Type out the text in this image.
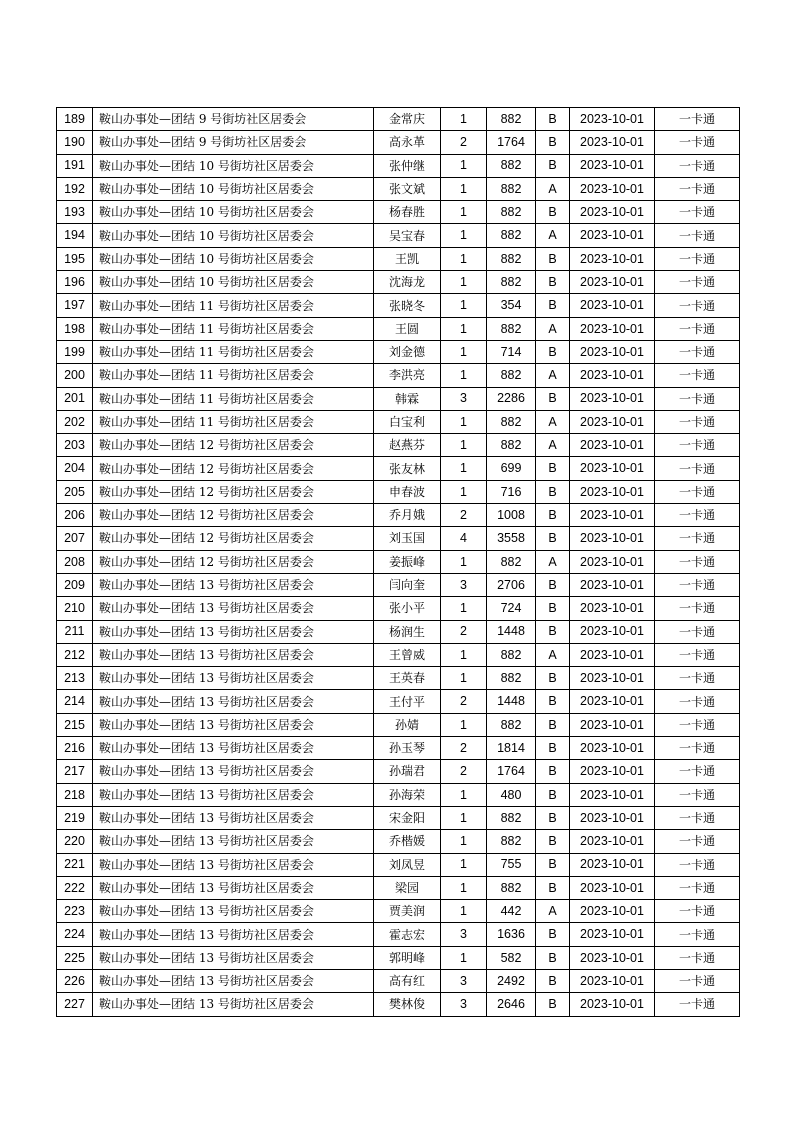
189	鞍山办事处—团结 9 号街坊社区居委会	金常庆	1	882	B	2023-10-01	一卡通
190	鞍山办事处—团结 9 号街坊社区居委会	高永革	2	1764	B	2023-10-01	一卡通
191	鞍山办事处—团结 10 号街坊社区居委会	张仲继	1	882	B	2023-10-01	一卡通
192	鞍山办事处—团结 10 号街坊社区居委会	张文斌	1	882	A	2023-10-01	一卡通
193	鞍山办事处—团结 10 号街坊社区居委会	杨春胜	1	882	B	2023-10-01	一卡通
194	鞍山办事处—团结 10 号街坊社区居委会	吴宝春	1	882	A	2023-10-01	一卡通
195	鞍山办事处—团结 10 号街坊社区居委会	王凯	1	882	B	2023-10-01	一卡通
196	鞍山办事处—团结 10 号街坊社区居委会	沈海龙	1	882	B	2023-10-01	一卡通
197	鞍山办事处—团结 11 号街坊社区居委会	张晓冬	1	354	B	2023-10-01	一卡通
198	鞍山办事处—团结 11 号街坊社区居委会	王圆	1	882	A	2023-10-01	一卡通
199	鞍山办事处—团结 11 号街坊社区居委会	刘金德	1	714	B	2023-10-01	一卡通
200	鞍山办事处—团结 11 号街坊社区居委会	李洪亮	1	882	A	2023-10-01	一卡通
201	鞍山办事处—团结 11 号街坊社区居委会	韩霖	3	2286	B	2023-10-01	一卡通
202	鞍山办事处—团结 11 号街坊社区居委会	白宝利	1	882	A	2023-10-01	一卡通
203	鞍山办事处—团结 12 号街坊社区居委会	赵燕芬	1	882	A	2023-10-01	一卡通
204	鞍山办事处—团结 12 号街坊社区居委会	张友林	1	699	B	2023-10-01	一卡通
205	鞍山办事处—团结 12 号街坊社区居委会	申春波	1	716	B	2023-10-01	一卡通
206	鞍山办事处—团结 12 号街坊社区居委会	乔月娥	2	1008	B	2023-10-01	一卡通
207	鞍山办事处—团结 12 号街坊社区居委会	刘玉国	4	3558	B	2023-10-01	一卡通
208	鞍山办事处—团结 12 号街坊社区居委会	姜振峰	1	882	A	2023-10-01	一卡通
209	鞍山办事处—团结 13 号街坊社区居委会	闫向奎	3	2706	B	2023-10-01	一卡通
210	鞍山办事处—团结 13 号街坊社区居委会	张小平	1	724	B	2023-10-01	一卡通
211	鞍山办事处—团结 13 号街坊社区居委会	杨润生	2	1448	B	2023-10-01	一卡通
212	鞍山办事处—团结 13 号街坊社区居委会	王曾威	1	882	A	2023-10-01	一卡通
213	鞍山办事处—团结 13 号街坊社区居委会	王英春	1	882	B	2023-10-01	一卡通
214	鞍山办事处—团结 13 号街坊社区居委会	王付平	2	1448	B	2023-10-01	一卡通
215	鞍山办事处—团结 13 号街坊社区居委会	孙婧	1	882	B	2023-10-01	一卡通
216	鞍山办事处—团结 13 号街坊社区居委会	孙玉琴	2	1814	B	2023-10-01	一卡通
217	鞍山办事处—团结 13 号街坊社区居委会	孙瑞君	2	1764	B	2023-10-01	一卡通
218	鞍山办事处—团结 13 号街坊社区居委会	孙海荣	1	480	B	2023-10-01	一卡通
219	鞍山办事处—团结 13 号街坊社区居委会	宋金阳	1	882	B	2023-10-01	一卡通
220	鞍山办事处—团结 13 号街坊社区居委会	乔楷媛	1	882	B	2023-10-01	一卡通
221	鞍山办事处—团结 13 号街坊社区居委会	刘凤昱	1	755	B	2023-10-01	一卡通
222	鞍山办事处—团结 13 号街坊社区居委会	梁园	1	882	B	2023-10-01	一卡通
223	鞍山办事处—团结 13 号街坊社区居委会	贾美润	1	442	A	2023-10-01	一卡通
224	鞍山办事处—团结 13 号街坊社区居委会	霍志宏	3	1636	B	2023-10-01	一卡通
225	鞍山办事处—团结 13 号街坊社区居委会	郭明峰	1	582	B	2023-10-01	一卡通
226	鞍山办事处—团结 13 号街坊社区居委会	高有红	3	2492	B	2023-10-01	一卡通
227	鞍山办事处—团结 13 号街坊社区居委会	樊林俊	3	2646	B	2023-10-01	一卡通
